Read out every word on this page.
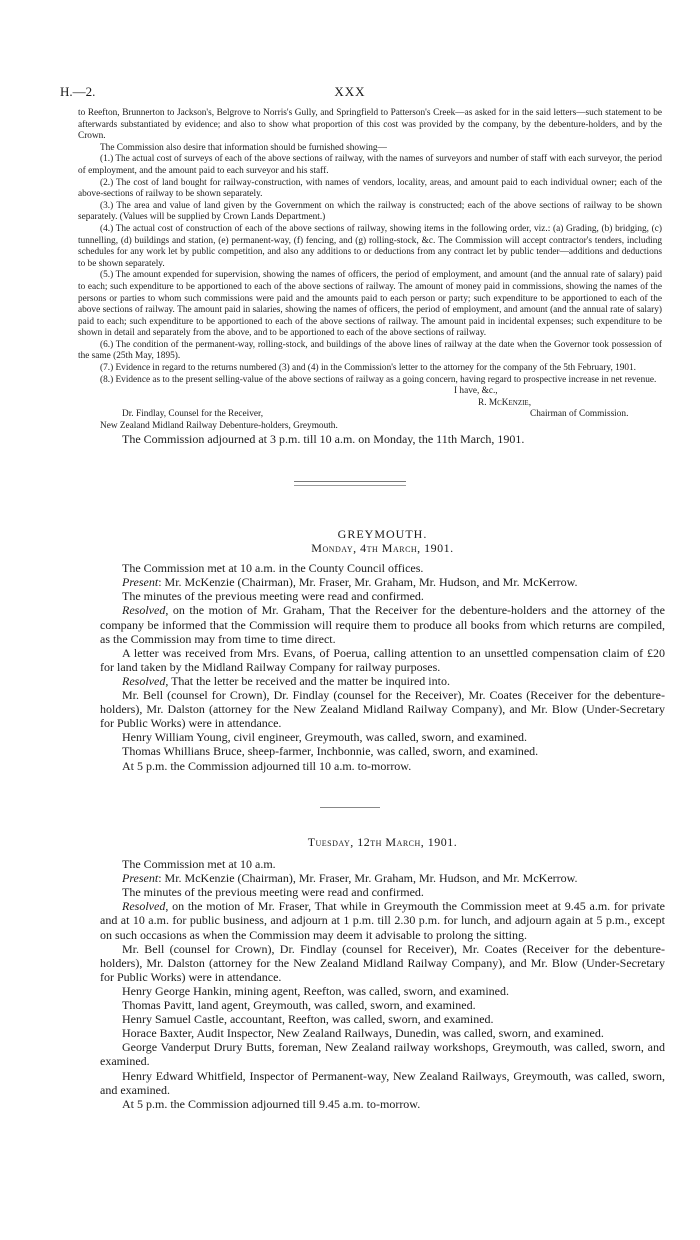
H.—2.	XXX

to Reefton, Brunnerton to Jackson's, Belgrove to Norris's Gully, and Springfield to Patterson's Creek—as asked for in the said letters—such statement to be afterwards substantiated by evidence; and also to show what proportion of this cost was provided by the company, by the debenture-holders, and by the Crown.

The Commission also desire that information should be furnished showing—

(1.) The actual cost of surveys of each of the above sections of railway, with the names of surveyors and number of staff with each surveyor, the period of employment, and the amount paid to each surveyor and his staff.

(2.) The cost of land bought for railway-construction, with names of vendors, locality, areas, and amount paid to each individual owner; each of the above-sections of railway to be shown separately.

(3.) The area and value of land given by the Government on which the railway is constructed; each of the above sections of railway to be shown separately. (Values will be supplied by Crown Lands Department.)

(4.) The actual cost of construction of each of the above sections of railway, showing items in the following order, viz.: (a) Grading, (b) bridging, (c) tunnelling, (d) buildings and station, (e) permanent-way, (f) fencing, and (g) rolling-stock, &c. The Commission will accept contractor's tenders, including schedules for any work let by public competition, and also any additions to or deductions from any contract let by public tender—additions and deductions to be shown separately.

(5.) The amount expended for supervision, showing the names of officers, the period of employment, and amount (and the annual rate of salary) paid to each; such expenditure to be apportioned to each of the above sections of railway. The amount of money paid in commissions, showing the names of the persons or parties to whom such commissions were paid and the amounts paid to each person or party; such expenditure to be apportioned to each of the above sections of railway. The amount paid in salaries, showing the names of officers, the period of employment, and amount (and the annual rate of salary) paid to each; such expenditure to be apportioned to each of the above sections of railway. The amount paid in incidental expenses; such expenditure to be shown in detail and separately from the above, and to be apportioned to each of the above sections of railway.

(6.) The condition of the permanent-way, rolling-stock, and buildings of the above lines of railway at the date when the Governor took possession of the same (25th May, 1895).

(7.) Evidence in regard to the returns numbered (3) and (4) in the Commission's letter to the attorney for the company of the 5th February, 1901.

(8.) Evidence as to the present selling-value of the above sections of railway as a going concern, having regard to prospective increase in net revenue.

I have, &c.,
R. McKenzie,
Dr. Findlay, Counsel for the Receiver,	Chairman of Commission.
New Zealand Midland Railway Debenture-holders, Greymouth.

The Commission adjourned at 3 p.m. till 10 a.m. on Monday, the 11th March, 1901.

GREYMOUTH.

Monday, 4th March, 1901.

The Commission met at 10 a.m. in the County Council offices.

Present: Mr. McKenzie (Chairman), Mr. Fraser, Mr. Graham, Mr. Hudson, and Mr. McKerrow.

The minutes of the previous meeting were read and confirmed.

Resolved, on the motion of Mr. Graham, That the Receiver for the debenture-holders and the attorney of the company be informed that the Commission will require them to produce all books from which returns are compiled, as the Commission may from time to time direct.

A letter was received from Mrs. Evans, of Poerua, calling attention to an unsettled compensation claim of £20 for land taken by the Midland Railway Company for railway purposes.

Resolved, That the letter be received and the matter be inquired into.

Mr. Bell (counsel for Crown), Dr. Findlay (counsel for the Receiver), Mr. Coates (Receiver for the debenture-holders), Mr. Dalston (attorney for the New Zealand Midland Railway Company), and Mr. Blow (Under-Secretary for Public Works) were in attendance.

Henry William Young, civil engineer, Greymouth, was called, sworn, and examined.

Thomas Whillians Bruce, sheep-farmer, Inchbonnie, was called, sworn, and examined.

At 5 p.m. the Commission adjourned till 10 a.m. to-morrow.

Tuesday, 12th March, 1901.

The Commission met at 10 a.m.

Present: Mr. McKenzie (Chairman), Mr. Fraser, Mr. Graham, Mr. Hudson, and Mr. McKerrow.

The minutes of the previous meeting were read and confirmed.

Resolved, on the motion of Mr. Fraser, That while in Greymouth the Commission meet at 9.45 a.m. for private and at 10 a.m. for public business, and adjourn at 1 p.m. till 2.30 p.m. for lunch, and adjourn again at 5 p.m., except on such occasions as when the Commission may deem it advisable to prolong the sitting.

Mr. Bell (counsel for Crown), Dr. Findlay (counsel for Receiver), Mr. Coates (Receiver for the debenture-holders), Mr. Dalston (attorney for the New Zealand Midland Railway Company), and Mr. Blow (Under-Secretary for Public Works) were in attendance.

Henry George Hankin, mining agent, Reefton, was called, sworn, and examined.

Thomas Pavitt, land agent, Greymouth, was called, sworn, and examined.

Henry Samuel Castle, accountant, Reefton, was called, sworn, and examined.

Horace Baxter, Audit Inspector, New Zealand Railways, Dunedin, was called, sworn, and examined.

George Vanderput Drury Butts, foreman, New Zealand railway workshops, Greymouth, was called, sworn, and examined.

Henry Edward Whitfield, Inspector of Permanent-way, New Zealand Railways, Greymouth, was called, sworn, and examined.

At 5 p.m. the Commission adjourned till 9.45 a.m. to-morrow.
